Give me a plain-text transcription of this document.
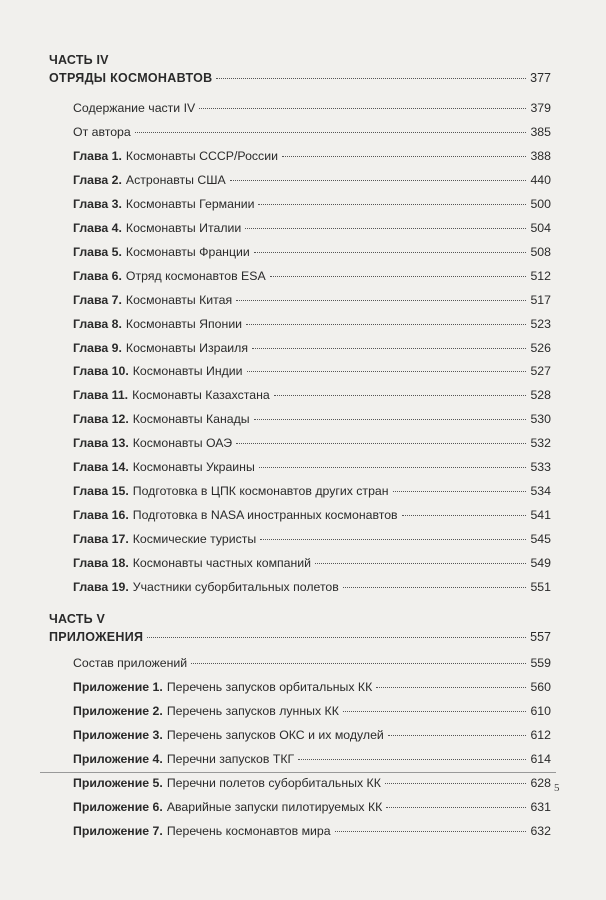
ЧАСТЬ IV
ОТРЯДЫ КОСМОНАВТОВ	377
Содержание части IV	379
От автора	385
Глава 1. Космонавты СССР/России	388
Глава 2. Астронавты США	440
Глава 3. Космонавты Германии	500
Глава 4. Космонавты Италии	504
Глава 5. Космонавты Франции	508
Глава 6. Отряд космонавтов ESA	512
Глава 7. Космонавты Китая	517
Глава 8. Космонавты Японии	523
Глава 9. Космонавты Израиля	526
Глава 10. Космонавты Индии	527
Глава 11. Космонавты Казахстана	528
Глава 12. Космонавты Канады	530
Глава 13. Космонавты ОАЭ	532
Глава 14. Космонавты Украины	533
Глава 15. Подготовка в ЦПК космонавтов других стран	534
Глава 16. Подготовка в NASA иностранных космонавтов	541
Глава 17. Космические туристы	545
Глава 18. Космонавты частных компаний	549
Глава 19. Участники суборбитальных полетов	551
ЧАСТЬ V
ПРИЛОЖЕНИЯ	557
Состав приложений	559
Приложение 1. Перечень запусков орбитальных КК	560
Приложение 2. Перечень запусков лунных КК	610
Приложение 3. Перечень запусков ОКС и их модулей	612
Приложение 4. Перечни запусков ТКГ	614
Приложение 5. Перечни полетов суборбитальных КК	628
Приложение 6. Аварийные запуски пилотируемых КК	631
Приложение 7. Перечень космонавтов мира	632
5
